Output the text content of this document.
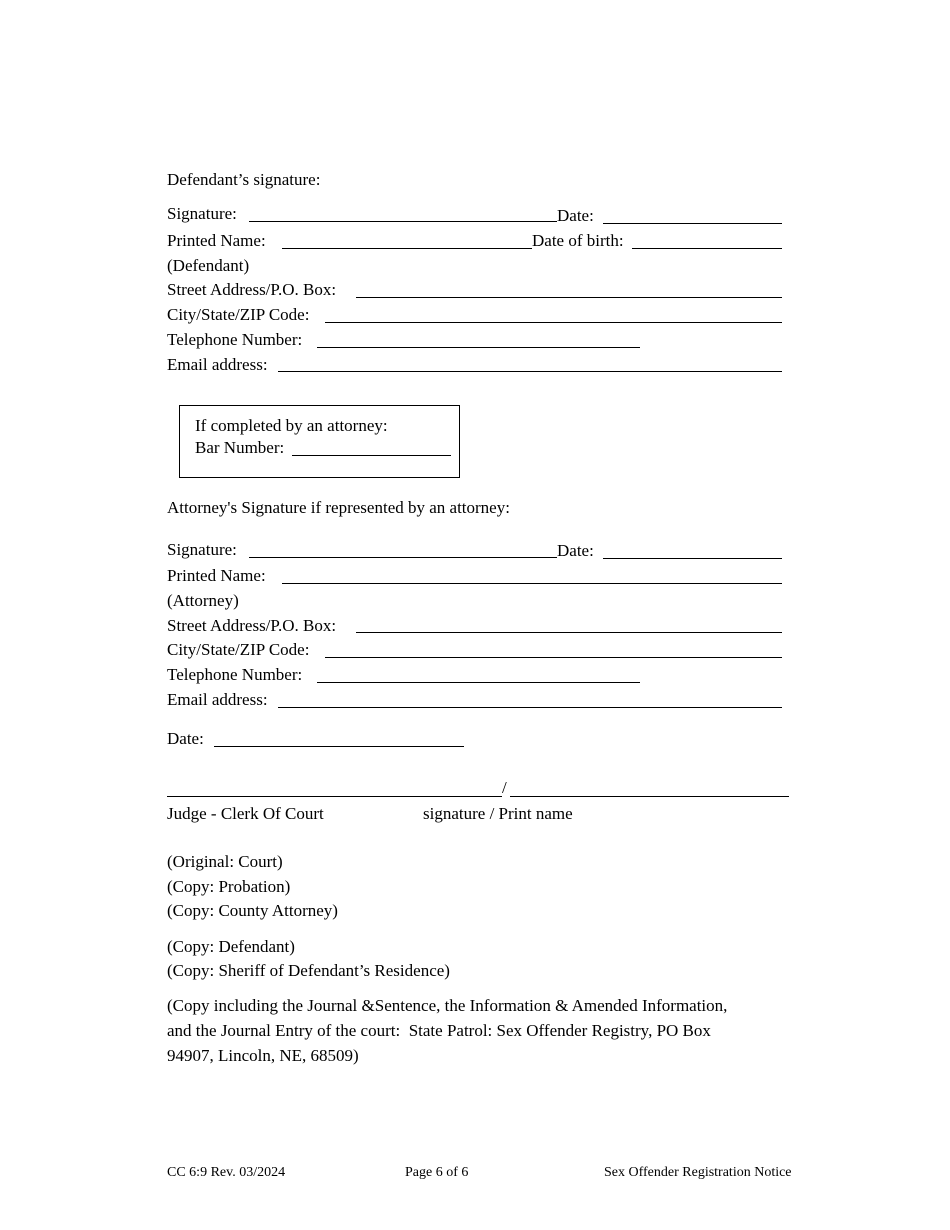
Defendant’s signature:
Signature:	Date:
Printed Name:	Date of birth:
(Defendant)
Street Address/P.O. Box:
City/State/ZIP Code:
Telephone Number:
Email address:
If completed by an attorney:
Bar Number:
Attorney's Signature if represented by an attorney:
Signature:	Date:
Printed Name:
(Attorney)
Street Address/P.O. Box:
City/State/ZIP Code:
Telephone Number:
Email address:
Date:
/
Judge - Clerk Of Court	signature / Print name
(Original: Court)
(Copy: Probation)
(Copy: County Attorney)
(Copy: Defendant)
(Copy: Sheriff of Defendant’s Residence)
(Copy including the Journal &Sentence, the Information & Amended Information,
and the Journal Entry of the court:  State Patrol: Sex Offender Registry, PO Box
94907, Lincoln, NE, 68509)
CC 6:9 Rev. 03/2024	Page 6 of 6	Sex Offender Registration Notice
